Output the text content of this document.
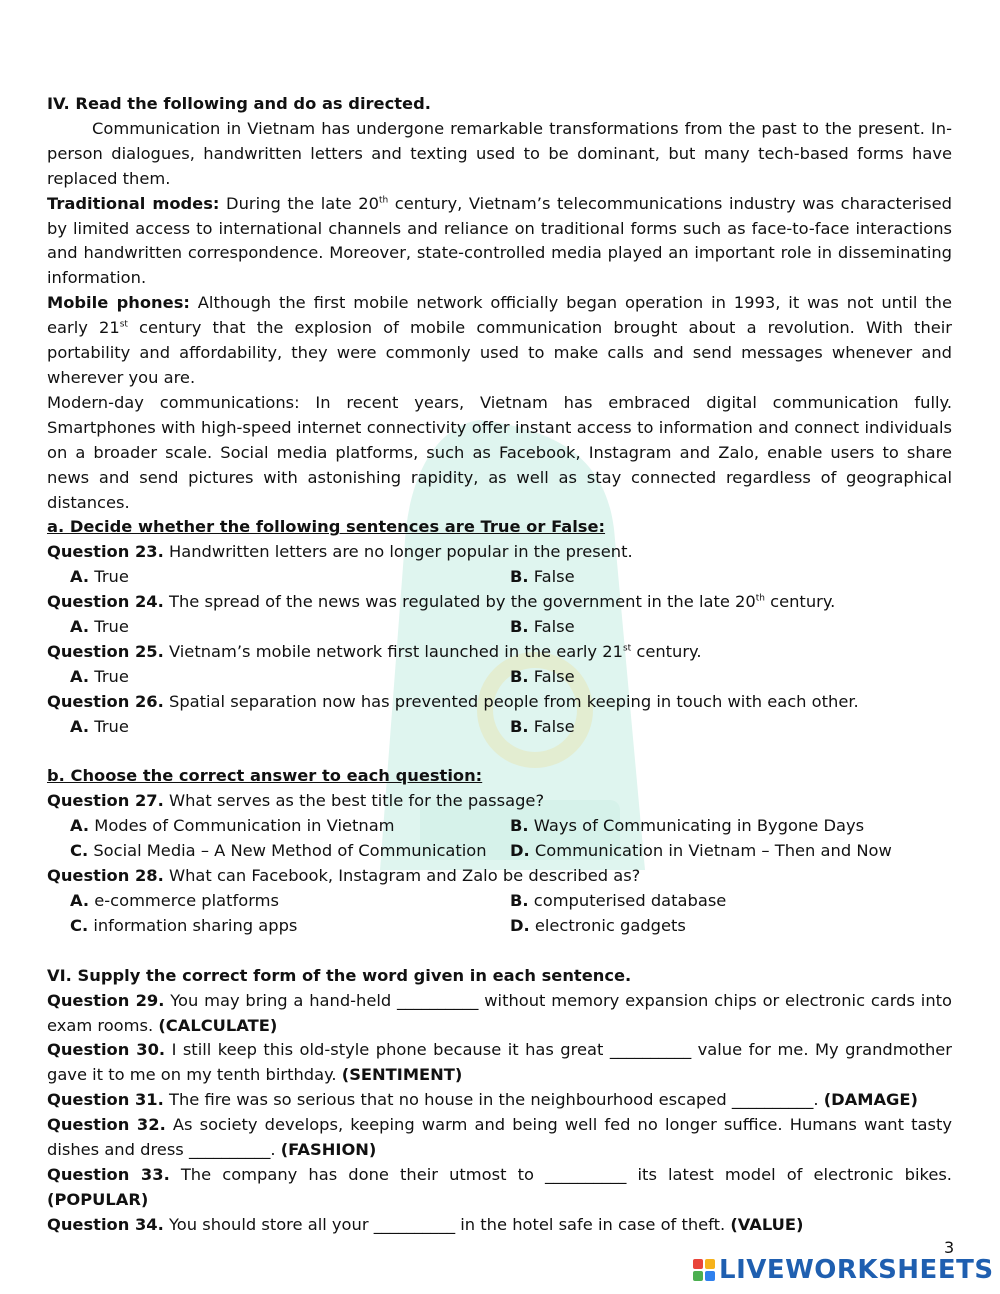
IV. Read the following and do as directed.

Communication in Vietnam has undergone remarkable transformations from the past to the present. In-person dialogues, handwritten letters and texting used to be dominant, but many tech-based forms have replaced them.

Traditional modes: During the late 20th century, Vietnam’s telecommunications industry was characterised by limited access to international channels and reliance on traditional forms such as face-to-face interactions and handwritten correspondence. Moreover, state-controlled media played an important role in disseminating information.

Mobile phones: Although the first mobile network officially began operation in 1993, it was not until the early 21st century that the explosion of mobile communication brought about a revolution. With their portability and affordability, they were commonly used to make calls and send messages whenever and wherever you are.

Modern-day communications: In recent years, Vietnam has embraced digital communication fully. Smartphones with high-speed internet connectivity offer instant access to information and connect individuals on a broader scale. Social media platforms, such as Facebook, Instagram and Zalo, enable users to share news and send pictures with astonishing rapidity, as well as stay connected regardless of geographical distances.

a. Decide whether the following sentences are True or False:

Question 23. Handwritten letters are no longer popular in the present.

A. True	B. False

Question 24. The spread of the news was regulated by the government in the late 20th century.

A. True	B. False

Question 25. Vietnam’s mobile network first launched in the early 21st century.

A. True	B. False

Question 26. Spatial separation now has prevented people from keeping in touch with each other.

A. True	B. False

b. Choose the correct answer to each question:

Question 27. What serves as the best title for the passage?

A. Modes of Communication in Vietnam	B. Ways of Communicating in Bygone Days
C. Social Media – A New Method of Communication	D. Communication in Vietnam – Then and Now

Question 28. What can Facebook, Instagram and Zalo be described as?

A. e-commerce platforms	B. computerised database
C. information sharing apps	D. electronic gadgets

VI. Supply the correct form of the word given in each sentence.

Question 29. You may bring a hand-held __________ without memory expansion chips or electronic cards into exam rooms. (CALCULATE)

Question 30. I still keep this old-style phone because it has great __________ value for me. My grandmother gave it to me on my tenth birthday. (SENTIMENT)

Question 31. The fire was so serious that no house in the neighbourhood escaped __________. (DAMAGE)

Question 32. As society develops, keeping warm and being well fed no longer suffice. Humans want tasty dishes and dress __________. (FASHION)

Question 33. The company has done their utmost to __________ its latest model of electronic bikes. (POPULAR)

Question 34. You should store all your __________ in the hotel safe in case of theft. (VALUE)

3
LIVEWORKSHEETS
